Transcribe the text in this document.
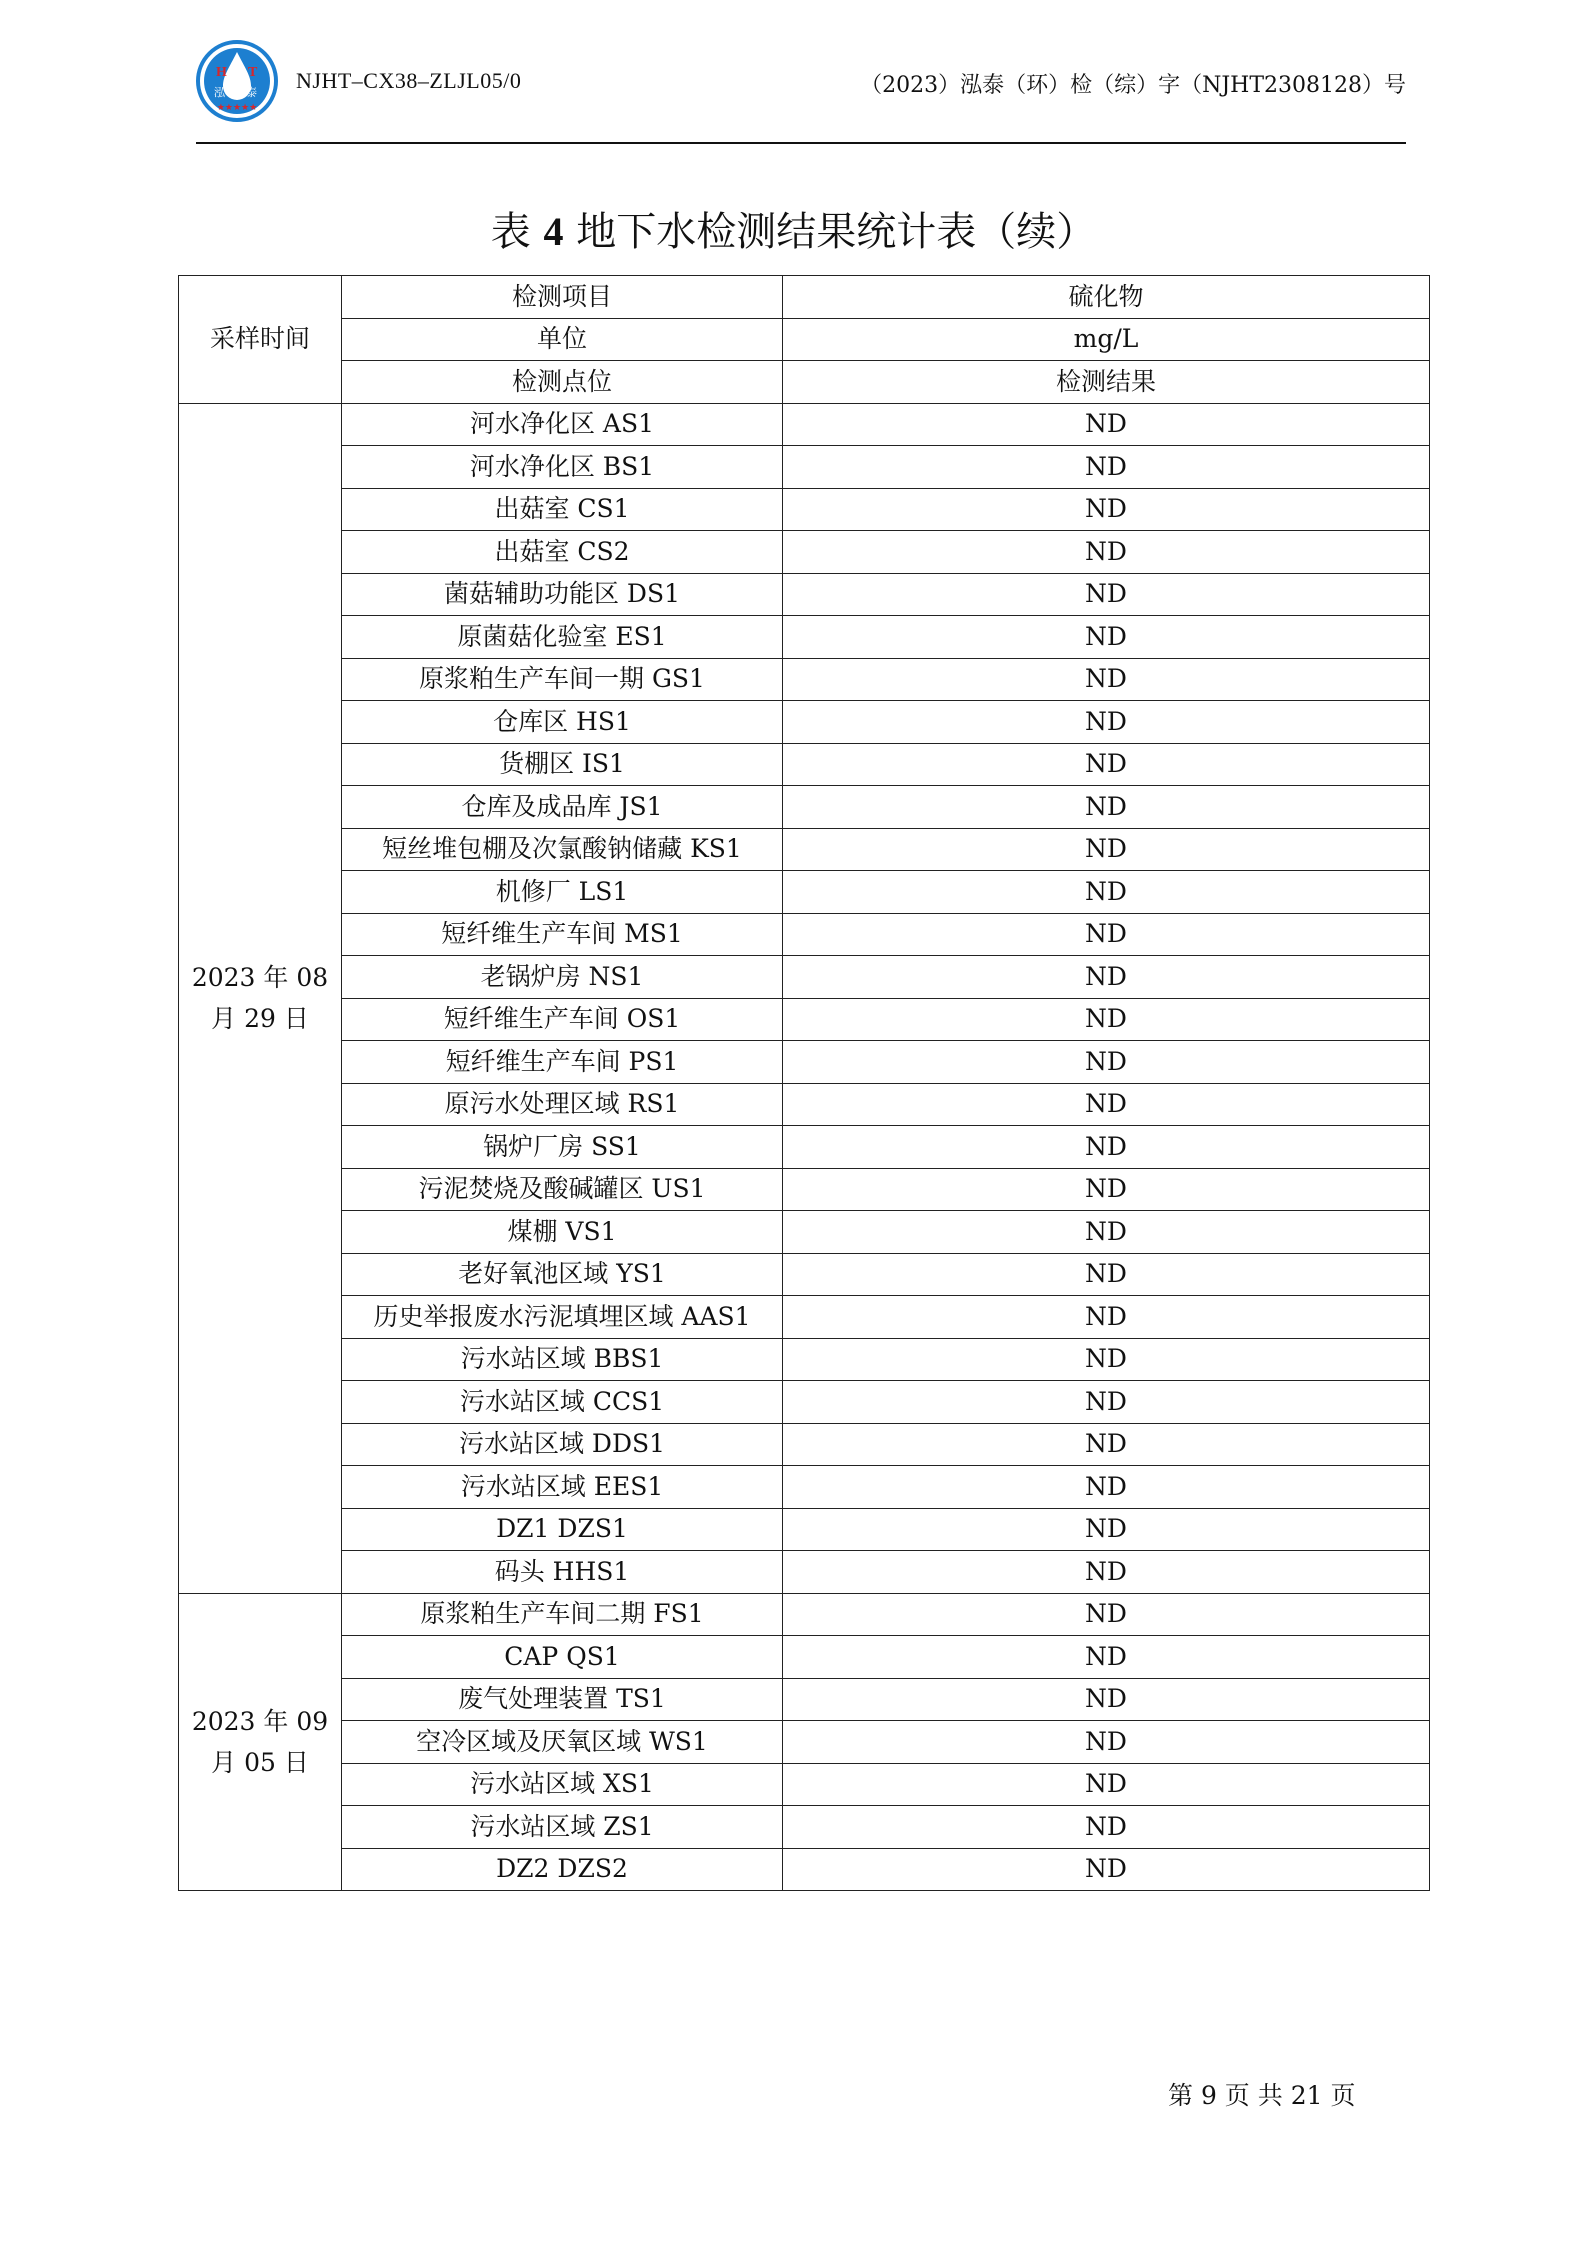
H T
泓 泰
★★★★★
NJHT–CX38–ZLJL05/0	（2023）泓泰（环）检（综）字（NJHT2308128）号
表 4 地下水检测结果统计表（续）
采样时间	检测项目	硫化物
	单位	mg/L
	检测点位	检测结果
2023 年 08 月 29 日	河水净化区 AS1	ND
	河水净化区 BS1	ND
	出菇室 CS1	ND
	出菇室 CS2	ND
	菌菇辅助功能区 DS1	ND
	原菌菇化验室 ES1	ND
	原浆粕生产车间一期 GS1	ND
	仓库区 HS1	ND
	货棚区 IS1	ND
	仓库及成品库 JS1	ND
	短丝堆包棚及次氯酸钠储藏 KS1	ND
	机修厂 LS1	ND
	短纤维生产车间 MS1	ND
	老锅炉房 NS1	ND
	短纤维生产车间 OS1	ND
	短纤维生产车间 PS1	ND
	原污水处理区域 RS1	ND
	锅炉厂房 SS1	ND
	污泥焚烧及酸碱罐区 US1	ND
	煤棚 VS1	ND
	老好氧池区域 YS1	ND
	历史举报废水污泥填埋区域 AAS1	ND
	污水站区域 BBS1	ND
	污水站区域 CCS1	ND
	污水站区域 DDS1	ND
	污水站区域 EES1	ND
	DZ1 DZS1	ND
	码头 HHS1	ND
2023 年 09 月 05 日	原浆粕生产车间二期 FS1	ND
	CAP QS1	ND
	废气处理装置 TS1	ND
	空冷区域及厌氧区域 WS1	ND
	污水站区域 XS1	ND
	污水站区域 ZS1	ND
	DZ2 DZS2	ND
第 9 页 共 21 页
